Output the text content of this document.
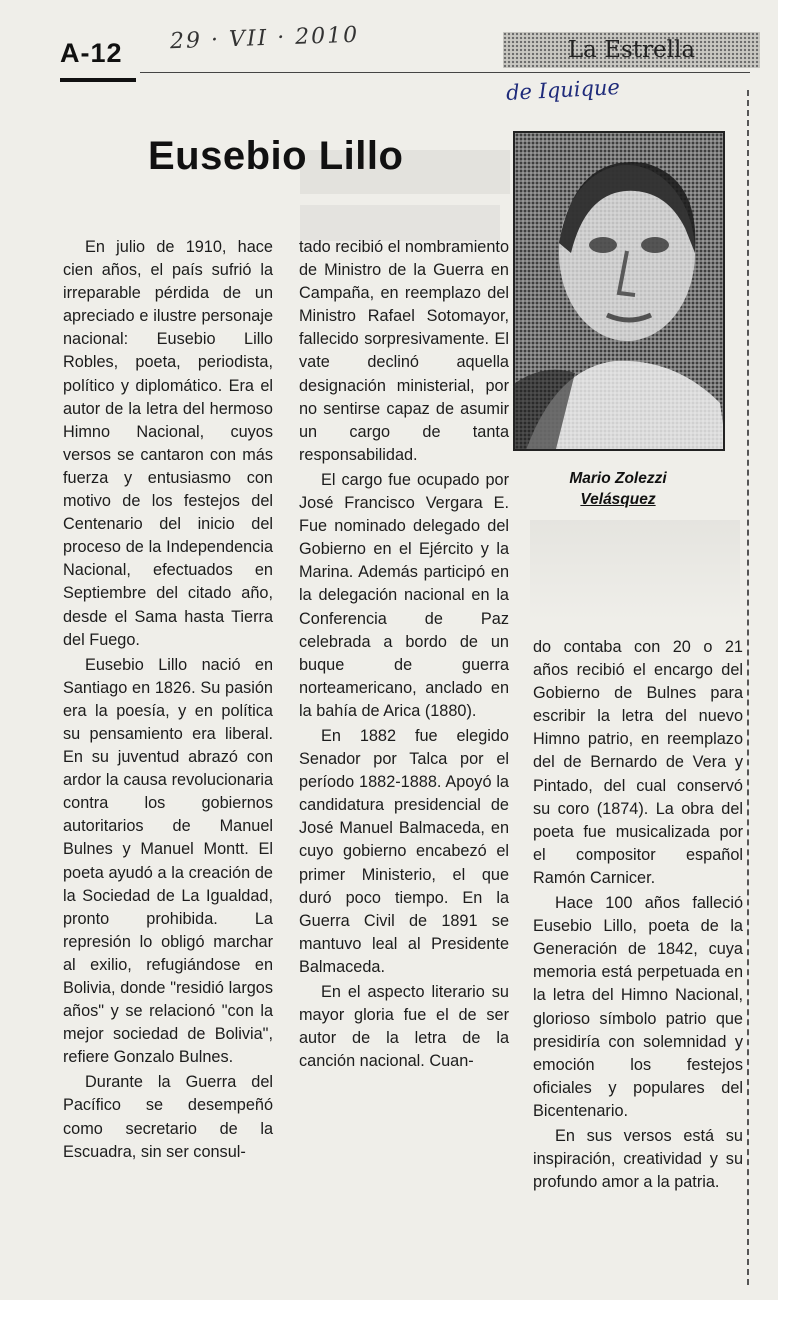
A-12 29 · VII · 2010	La Estrella
de Iquique
Eusebio Lillo

En julio de 1910, hace cien años, el país sufrió la irreparable pérdida de un apreciado e ilustre personaje nacional: Eusebio Lillo Robles, poeta, periodista, político y diplomático. Era el autor de la letra del hermoso Himno Nacional, cuyos versos se cantaron con más fuerza y entusiasmo con motivo de los festejos del Centenario del inicio del proceso de la Independencia Nacional, efectuados en Septiembre del citado año, desde el Sama hasta Tierra del Fuego.

Eusebio Lillo nació en Santiago en 1826. Su pasión era la poesía, y en política su pensamiento era liberal. En su juventud abrazó con ardor la causa revolucionaria contra los gobiernos autoritarios de Manuel Bulnes y Manuel Montt. El poeta ayudó a la creación de la Sociedad de La Igualdad, pronto prohibida. La represión lo obligó marchar al exilio, refugiándose en Bolivia, donde "residió largos años" y se relacionó "con la mejor sociedad de Bolivia", refiere Gonzalo Bulnes.

Durante la Guerra del Pacífico se desempeñó como secretario de la Escuadra, sin ser consul-

tado recibió el nombramiento de Ministro de la Guerra en Campaña, en reemplazo del Ministro Rafael Sotomayor, fallecido sorpresivamente. El vate declinó aquella designación ministerial, por no sentirse capaz de asumir un cargo de tanta responsabilidad.

El cargo fue ocupado por José Francisco Vergara E. Fue nominado delegado del Gobierno en el Ejército y la Marina. Además participó en la delegación nacional en la Conferencia de Paz celebrada a bordo de un buque de guerra norteamericano, anclado en la bahía de Arica (1880).

En 1882 fue elegido Senador por Talca por el período 1882-1888. Apoyó la candidatura presidencial de José Manuel Balmaceda, en cuyo gobierno encabezó el primer Ministerio, el que duró poco tiempo. En la Guerra Civil de 1891 se mantuvo leal al Presidente Balmaceda.

En el aspecto literario su mayor gloria fue el de ser autor de la letra de la canción nacional. Cuan-

Mario Zolezzi
Velásquez

do contaba con 20 o 21 años recibió el encargo del Gobierno de Bulnes para escribir la letra del nuevo Himno patrio, en reemplazo del de Bernardo de Vera y Pintado, del cual conservó su coro (1874). La obra del poeta fue musicalizada por el compositor español Ramón Carnicer.

Hace 100 años falleció Eusebio Lillo, poeta de la Generación de 1842, cuya memoria está perpetuada en la letra del Himno Nacional, glorioso símbolo patrio que presidiría con solemnidad y emoción los festejos oficiales y populares del Bicentenario.

En sus versos está su inspiración, creatividad y su profundo amor a la patria.
